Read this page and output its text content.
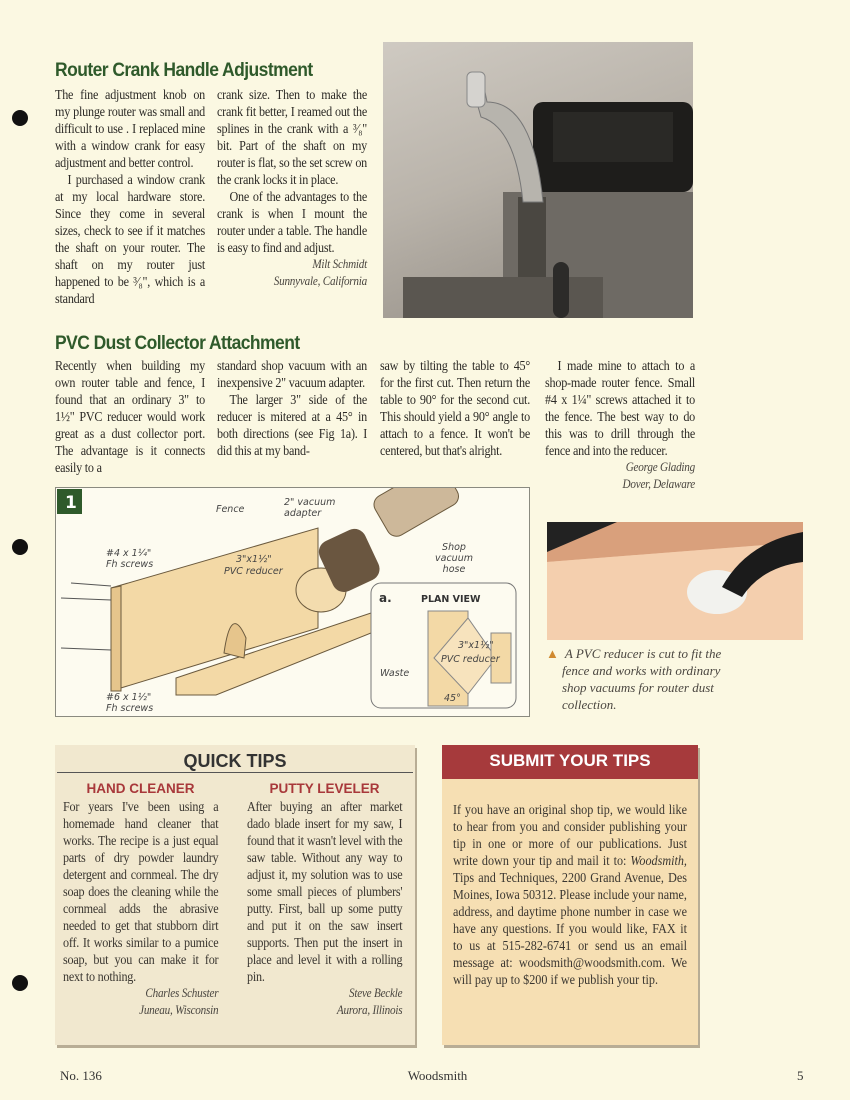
Router Crank Handle Adjustment

The fine adjustment knob on my plunge router was small and difficult to use . I replaced mine with a window crank for easy adjustment and better control.

I purchased a window crank at my local hardware store. Since they come in several sizes, check to see if it matches the shaft on your router. The shaft on my router just happened to be ³⁄₈", which is a standard

crank size. Then to make the crank fit better, I reamed out the splines in the crank with a ³⁄₈" bit. Part of the shaft on my router is flat, so the set screw on the crank locks it in place.

One of the advantages to the crank is when I mount the router under a table. The handle is easy to find and adjust.

Milt Schmidt
Sunnyvale, California
PVC Dust Collector Attachment

Recently when building my own router table and fence, I found that an ordinary 3" to 1½" PVC reducer would work great as a dust collector port. The advantage is it connects easily to a

standard shop vacuum with an inexpensive 2" vacuum adapter.

The larger 3" side of the reducer is mitered at a 45° in both directions (see Fig 1a). I did this at my band-

saw by tilting the table to 45° for the first cut. Then return the table to 90° for the second cut. This should yield a 90° angle to attach to a fence. It won't be centered, but that's alright.

I made mine to attach to a shop-made router fence. Small #4 x 1¼" screws attached it to the fence. The best way to do this was to drill through the fence and into the reducer.

George Glading
Dover, Delaware
1	Fence
2" vacuum
adapter
#4 x 1¼"
Fh screws	3"x1½"
PVC reducer
Shop
vacuum
hose
#6 x 1½"
Fh screws
a.	PLAN VIEW
3"x1½"
PVC reducer
Waste
45°
▲ A PVC reducer is cut to fit the fence and works with ordinary shop vacuums for router dust collection.
QUICK TIPS
HAND CLEANER
For years I've been using a homemade hand cleaner that works. The recipe is a just equal parts of dry powder laundry detergent and cornmeal. The dry soap does the cleaning while the cornmeal adds the abrasive needed to get that stubborn dirt off. It works similar to a pumice soap, but you can make it for next to nothing.
Charles Schuster
Juneau, Wisconsin
PUTTY LEVELER
After buying an after market dado blade insert for my saw, I found that it wasn't level with the saw table. Without any way to adjust it, my solution was to use some small pieces of plumbers' putty. First, ball up some putty and put it on the saw insert supports. Then put the insert in place and level it with a rolling pin.
Steve Beckle
Aurora, Illinois
SUBMIT YOUR TIPS
If you have an original shop tip, we would like to hear from you and consider publishing your tip in one or more of our publications. Just write down your tip and mail it to: Woodsmith, Tips and Techniques, 2200 Grand Avenue, Des Moines, Iowa 50312. Please include your name, address, and daytime phone number in case we have any questions. If you would like, FAX it to us at 515-282-6741 or send us an email message at: woodsmith@woodsmith.com. We will pay up to $200 if we publish your tip.
No. 136	Woodsmith	5
